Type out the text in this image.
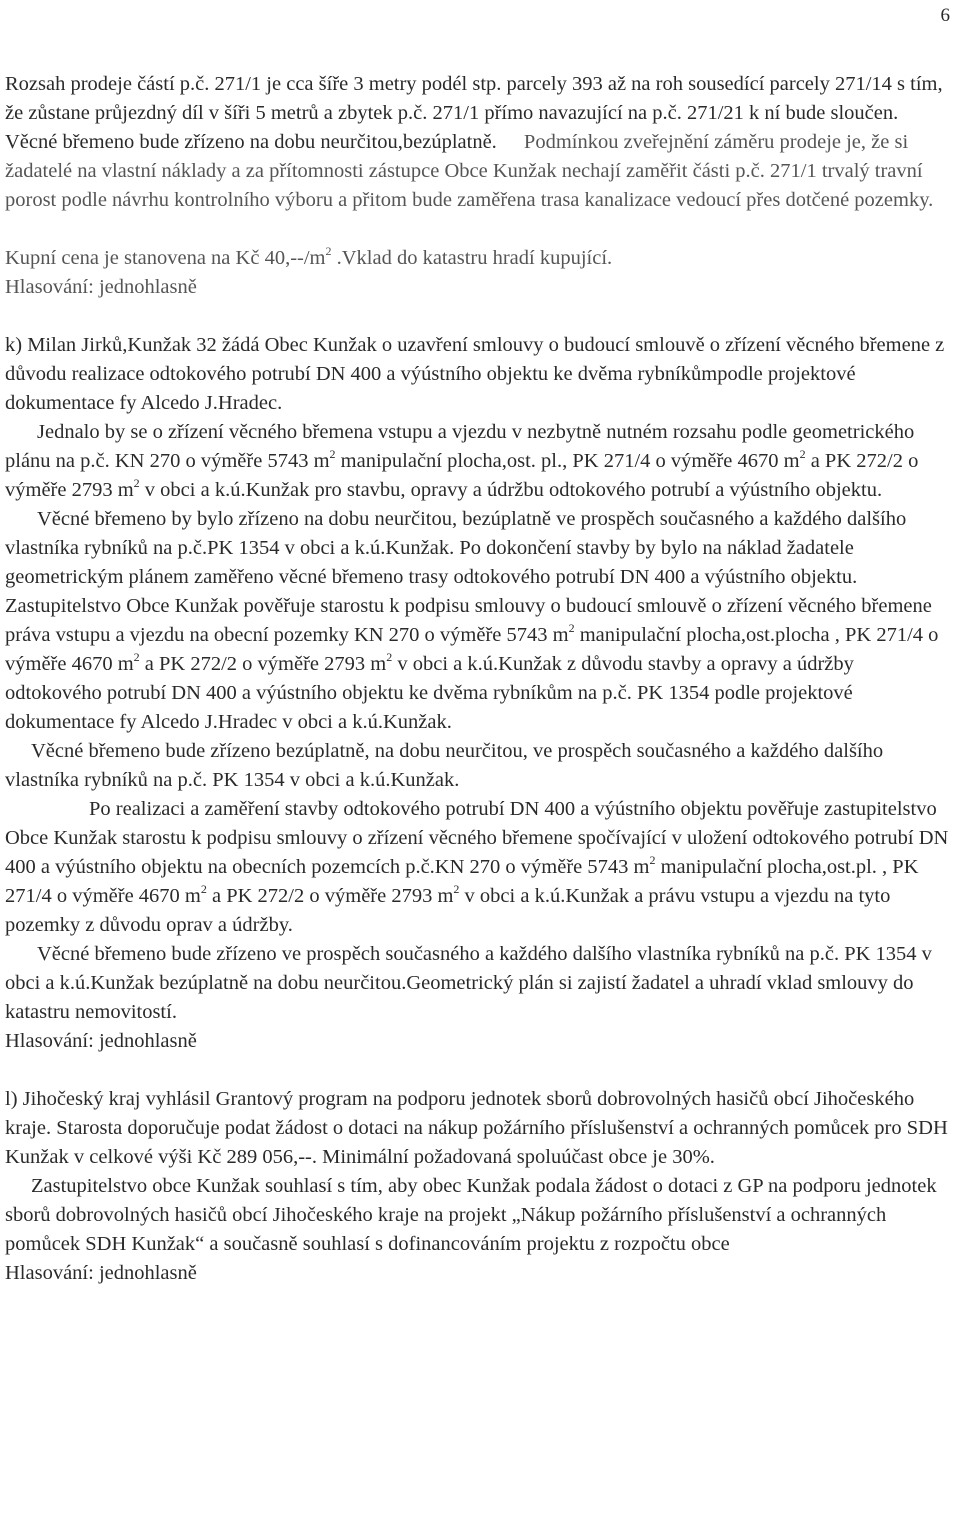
6

Rozsah prodeje částí p.č. 271/1 je cca šíře 3 metry podél stp. parcely 393 až na roh sousedící parcely 271/14 s tím, že zůstane průjezdný díl v šíři 5 metrů a zbytek p.č. 271/1 přímo navazující na p.č. 271/21 k ní bude sloučen. Věcné břemeno bude zřízeno na dobu neurčitou,bezúplatně. Podmínkou zveřejnění záměru prodeje je, že si žadatelé na vlastní náklady a za přítomnosti zástupce Obce Kunžak nechají zaměřit části p.č. 271/1 trvalý travní porost podle návrhu kontrolního výboru a přitom bude zaměřena trasa kanalizace vedoucí přes dotčené pozemky.

Kupní cena je stanovena na Kč $40,--/m^2$ .Vklad do katastru hradí kupující.

Hlasování: jednohlasně

k) Milan Jirků,Kunžak 32 žádá Obec Kunžak o uzavření smlouvy o budoucí smlouvě o zřízení věcného břemene z důvodu realizace odtokového potrubí DN 400 a výústního objektu ke dvěma rybníkůmpodle projektové dokumentace fy Alcedo J.Hradec.

Jednalo by se o zřízení věcného břemena vstupu a vjezdu v nezbytně nutném rozsahu podle geometrického plánu na p.č. KN 270 o výměře 5743 $m^2$ manipulační plocha,ost. pl., PK 271/4 o výměře 4670 $m^2$ a PK 272/2 o výměře 2793 $m^2$ v obci a k.ú.Kunžak pro stavbu, opravy a údržbu odtokového potrubí a výústního objektu.

Věcné břemeno by bylo zřízeno na dobu neurčitou, bezúplatně ve prospěch současného a každého dalšího vlastníka rybníků na p.č.PK 1354 v obci a k.ú.Kunžak. Po dokončení stavby by bylo na náklad žadatele geometrickým plánem zaměřeno věcné břemeno trasy odtokového potrubí DN 400 a výústního objektu.

Zastupitelstvo Obce Kunžak pověřuje starostu k podpisu smlouvy o budoucí smlouvě o zřízení věcného břemene práva vstupu a vjezdu na obecní pozemky KN 270 o výměře 5743 $m^2$ manipulační plocha,ost.plocha , PK 271/4 o výměře 4670 $m^2$ a PK 272/2 o výměře 2793 $m^2$ v obci a k.ú.Kunžak z důvodu stavby a opravy a údržby odtokového potrubí DN 400 a výústního objektu ke dvěma rybníkům na p.č. PK 1354 podle projektové dokumentace fy Alcedo J.Hradec v obci a k.ú.Kunžak.

Věcné břemeno bude zřízeno bezúplatně, na dobu neurčitou, ve prospěch současného a každého dalšího vlastníka rybníků na p.č. PK 1354 v obci a k.ú.Kunžak.

Po realizaci a zaměření stavby odtokového potrubí DN 400 a výústního objektu pověřuje zastupitelstvo Obce Kunžak starostu k podpisu smlouvy o zřízení věcného břemene spočívající v uložení odtokového potrubí DN 400 a výústního objektu na obecních pozemcích p.č.KN 270 o výměře 5743 $m^2$ manipulační plocha,ost.pl. , PK 271/4 o výměře 4670 $m^2$ a PK 272/2 o výměře 2793 $m^2$ v obci a k.ú.Kunžak a právu vstupu a vjezdu na tyto pozemky z důvodu oprav a údržby.

Věcné břemeno bude zřízeno ve prospěch současného a každého dalšího vlastníka rybníků na p.č. PK 1354 v obci a k.ú.Kunžak bezúplatně na dobu neurčitou.Geometrický plán si zajistí žadatel a uhradí vklad smlouvy do katastru nemovitostí.

Hlasování: jednohlasně

l) Jihočeský kraj vyhlásil Grantový program na podporu jednotek sborů dobrovolných hasičů obcí Jihočeského kraje. Starosta doporučuje podat žádost o dotaci na nákup požárního příslušenství a ochranných pomůcek pro SDH Kunžak v celkové výši Kč 289 056,--. Minimální požadovaná spoluúčast obce je 30%.

Zastupitelstvo obce Kunžak souhlasí s tím, aby obec Kunžak podala žádost o dotaci z GP na podporu jednotek sborů dobrovolných hasičů obcí Jihočeského kraje na projekt „Nákup požárního příslušenství a ochranných pomůcek SDH Kunžak“ a současně souhlasí s dofinancováním projektu z rozpočtu obce

Hlasování: jednohlasně
